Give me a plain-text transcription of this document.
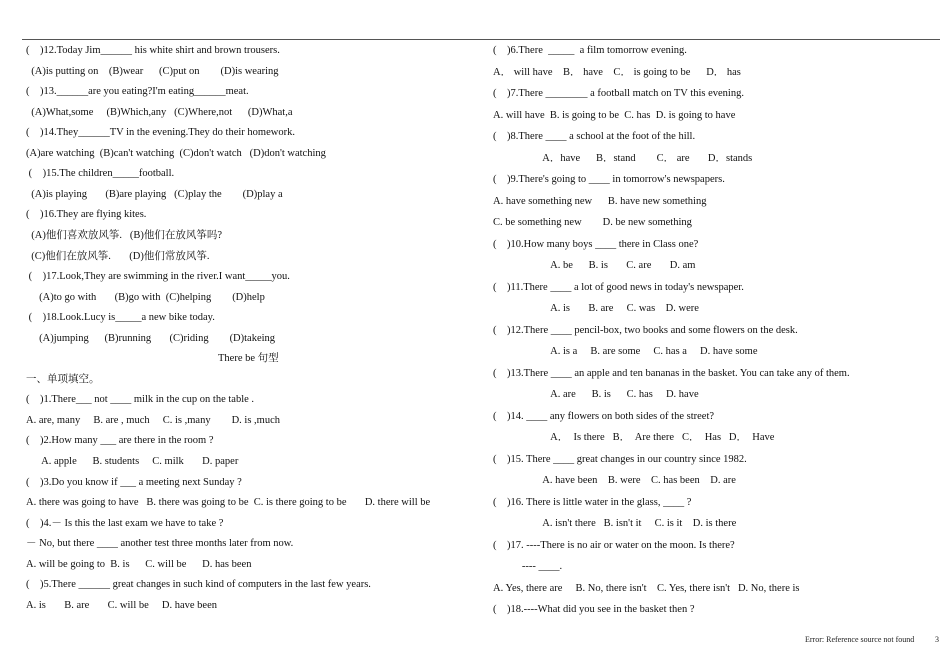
(    )12.Today Jim______ his white shirt and brown trousers.
(A)is putting on    (B)wear      (C)put on        (D)is wearing
(    )13.______are you eating?I'm eating______meat.
(A)What,some     (B)Which,any   (C)Where,not      (D)What,a
(    )14.They______TV in the evening.They do their homework.
(A)are watching  (B)can't watching  (C)don't watch   (D)don't watching
(    )15.The children_____football.
(A)is playing       (B)are playing   (C)play the        (D)play a
(    )16.They are flying kites.
(A)他们喜欢放风筝.   (B)他们在放风筝吗?
(C)他们在放风筝.       (D)他们常放风筝.
(    )17.Look,They are swimming in the river.I want_____you.
(A)to go with       (B)go with  (C)helping        (D)help
(    )18.Look.Lucy is_____a new bike today.
(A)jumping      (B)running       (C)riding        (D)takeing
There be 句型
一、单项填空。
(    )1.There___ not ____ milk in the cup on the table .
A. are, many     B. are , much     C. is ,many        D. is ,much
(    )2.How many ___ are there in the room ?
A. apple      B. students     C. milk       D. paper
(    )3.Do you know if ___ a meeting next Sunday ?
A. there was going to have   B. there was going to be  C. is there going to be       D. there will be
(    )4.－ Is this the last exam we have to take ?
－ No, but there ____ another test three months later from now.
A. will be going to  B. is      C. will be      D. has been
(    )5.There ______ great changes in such kind of computers in the last few years.
A. is       B. are       C. will be     D. have been
(    )6.There  _____  a film tomorrow evening.
A． will have    B． have    C． is going to be      D． has
(    )7.There ________ a football match on TV this evening.
A. will have  B. is going to be  C. has  D. is going to have
(    )8.There ____ a school at the foot of the hill.
A．have      B．stand        C． are       D．stands
(    )9.There's going to ____ in tomorrow's newspapers.
A. have something new      B. have new something
C. be something new        D. be new something
(    )10.How many boys ____ there in Class one?
A. be      B. is       C. are       D. am
(    )11.There ____ a lot of good news in today's newspaper.
A. is       B. are     C. was    D. were
(    )12.There ____ pencil-box, two books and some flowers on the desk.
A. is a     B. are some     C. has a     D. have some
(    )13.There ____ an apple and ten bananas in the basket. You can take any of them.
A. are      B. is      C. has     D. have
(    )14. ____ any flowers on both sides of the street?
A．  Is there   B．  Are there   C．  Has   D．  Have
(    )15. There ____ great changes in our country since 1982.
A. have been    B. were    C. has been    D. are
(    )16. There is little water in the glass, ____ ?
A. isn't there   B. isn't it     C. is it    D. is there
(    )17. ----There is no air or water on the moon. Is there?
---- ____.
A. Yes, there are     B. No, there isn't    C. Yes, there isn't   D. No, there is
(    )18.----What did you see in the basket then ?
Error: Reference source not found	3
